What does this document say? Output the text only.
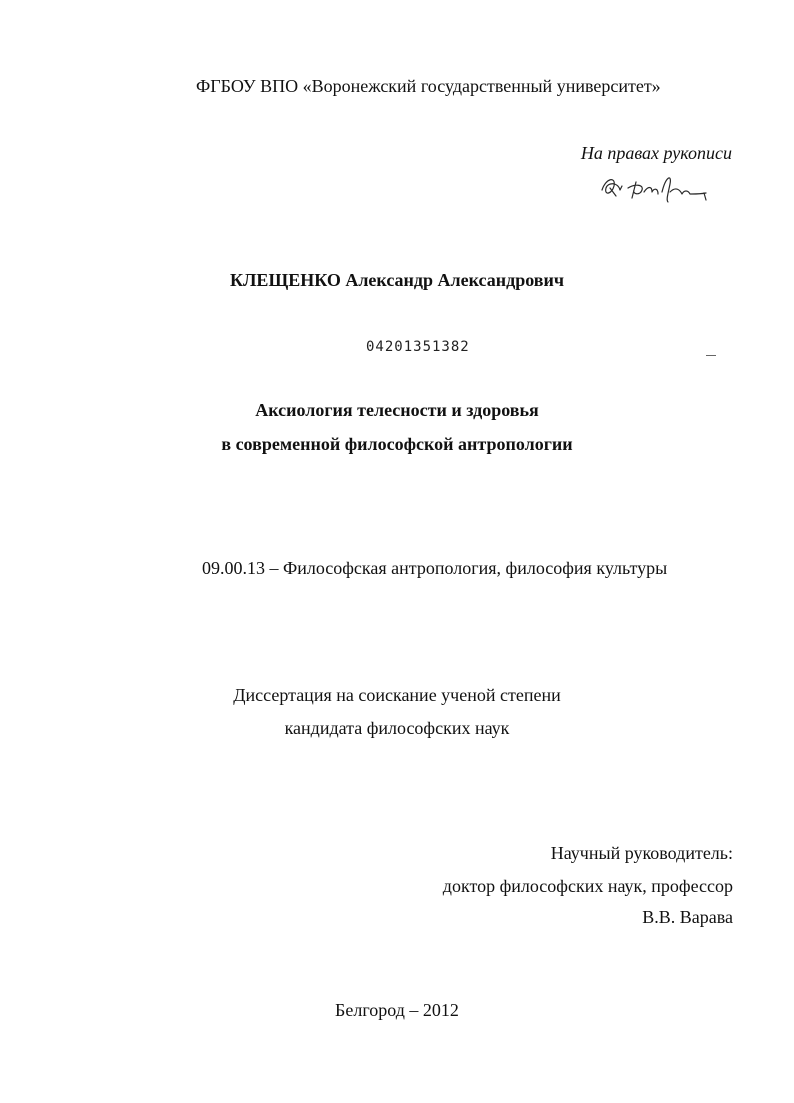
ФГБОУ ВПО «Воронежский государственный университет»
На правах рукописи
КЛЕЩЕНКО Александр Александрович
04201351382
Аксиология телесности и здоровья
в современной философской антропологии
09.00.13 – Философская антропология, философия культуры
Диссертация на соискание ученой степени
кандидата философских наук
Научный руководитель:
доктор философских наук, профессор
В.В. Варава
Белгород – 2012
